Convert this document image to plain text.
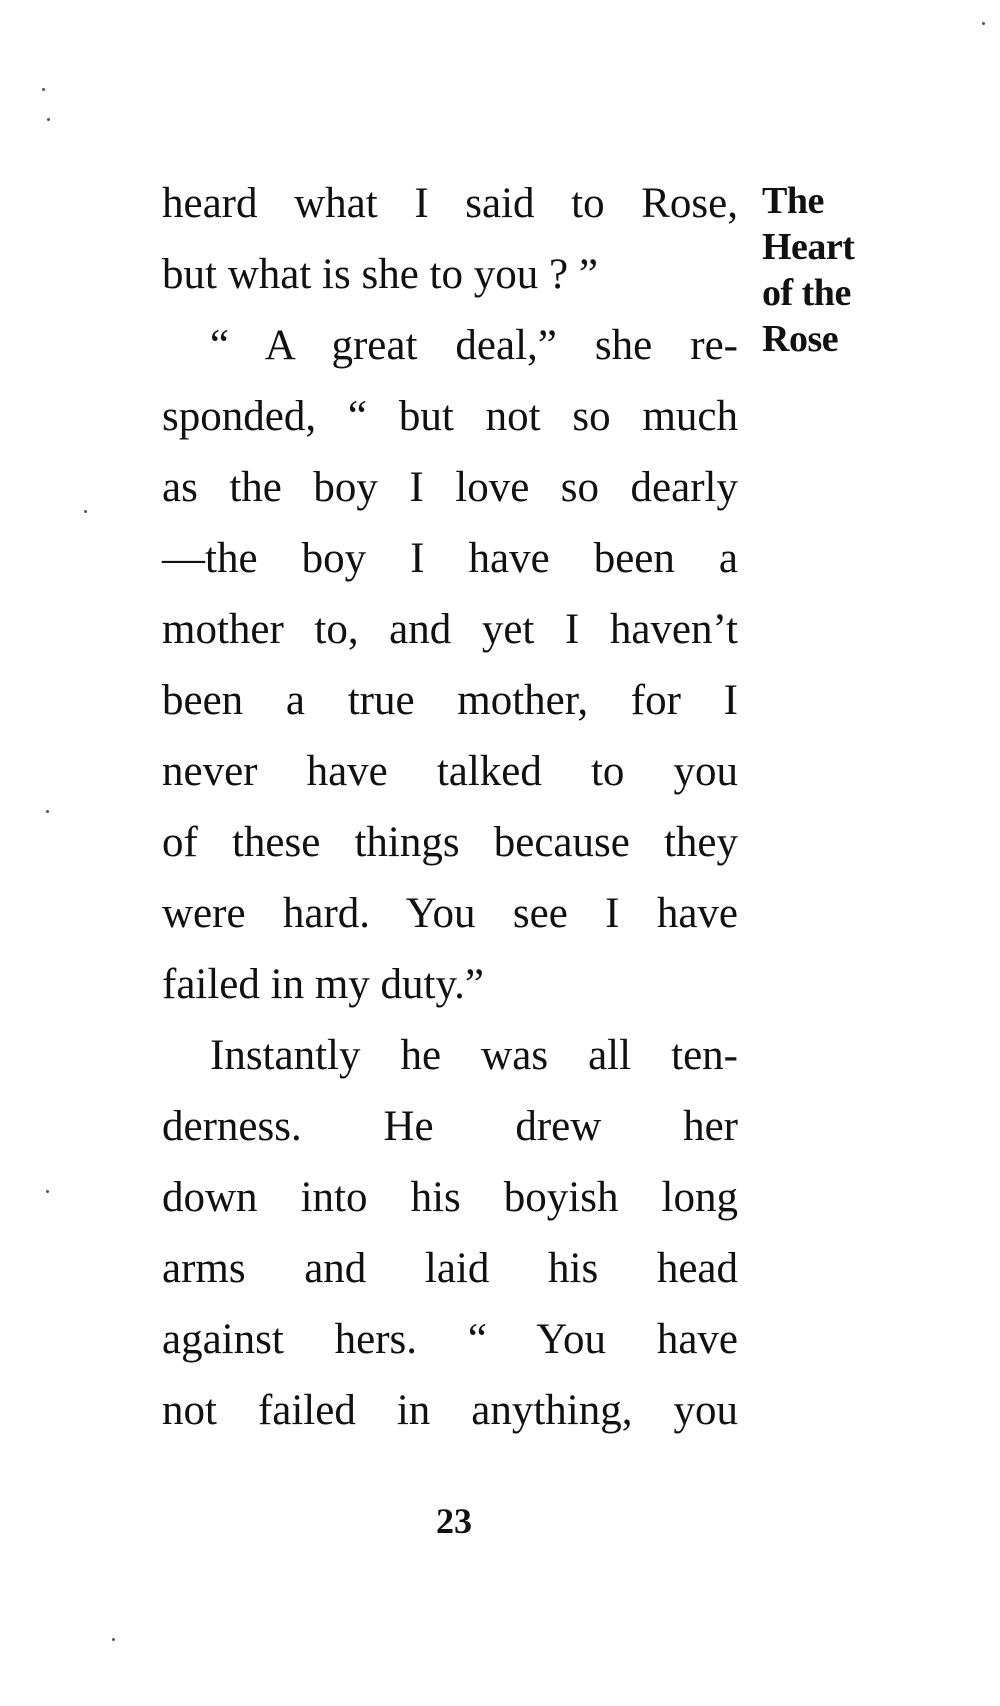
heard what I said to Rose,
but what is she to you ? ”
“ A great deal,” she re-
sponded, “ but not so much
as the boy I love so dearly
—the boy I have been a
mother to, and yet I haven’t
been a true mother, for I
never have talked to you
of these things because they
were hard. You see I have
failed in my duty.”
Instantly he was all ten-
derness. He drew her
down into his boyish long
arms and laid his head
against hers. “ You have
not failed in anything, you
The
Heart
of the
Rose
23
